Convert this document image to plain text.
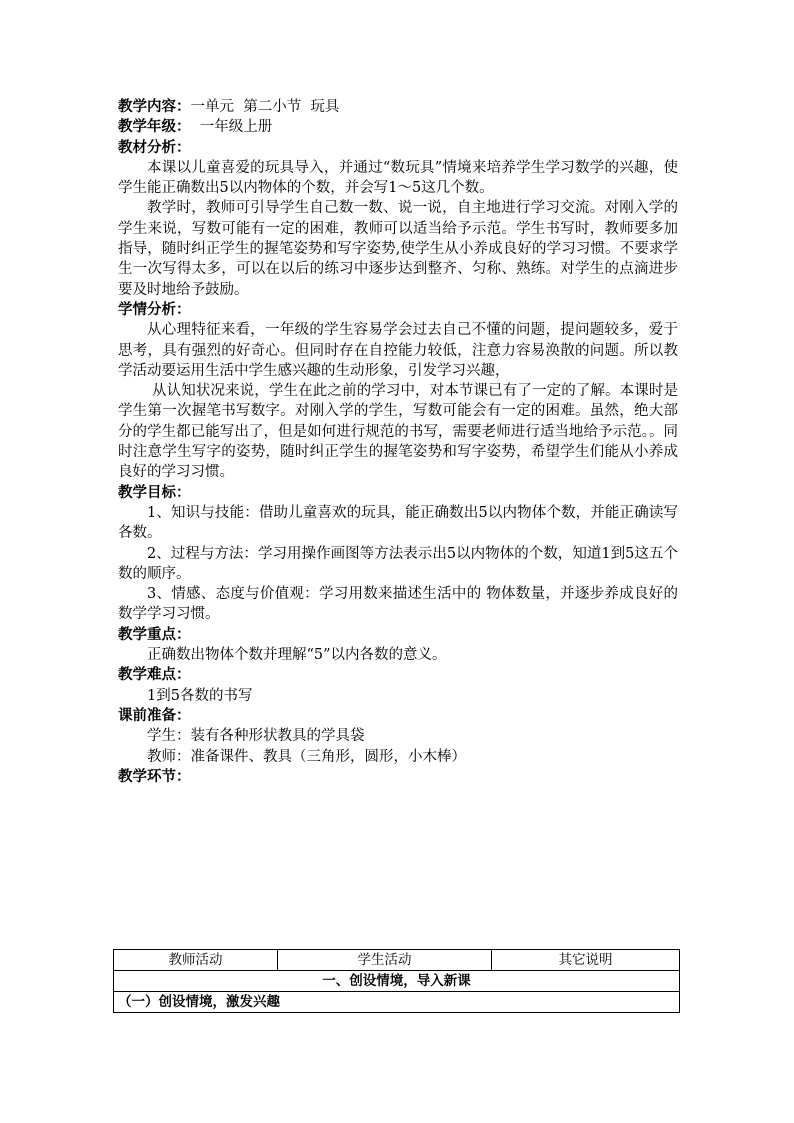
教学内容：一单元  第二小节  玩具
教学年级：  一年级上册
教材分析：
本课以儿童喜爱的玩具导入，并通过“数玩具”情境来培养学生学习数学的兴趣，使学生能正确数出5以内物体的个数，并会写1～5这几个数。
教学时，教师可引导学生自己数一数、说一说，自主地进行学习交流。对刚入学的学生来说，写数可能有一定的困难，教师可以适当给予示范。学生书写时，教师要多加指导，随时纠正学生的握笔姿势和写字姿势,使学生从小养成良好的学习习惯。不要求学生一次写得太多，可以在以后的练习中逐步达到整齐、匀称、熟练。对学生的点滴进步要及时地给予鼓励。
学情分析：
从心理特征来看，一年级的学生容易学会过去自己不懂的问题，提问题较多，爱于思考，具有强烈的好奇心。但同时存在自控能力较低，注意力容易涣散的问题。所以教学活动要运用生活中学生感兴趣的生动形象，引发学习兴趣，
从认知状况来说，学生在此之前的学习中，对本节课已有了一定的了解。本课时是学生第一次握笔书写数字。对刚入学的学生，写数可能会有一定的困难。虽然，绝大部分的学生都已能写出了，但是如何进行规范的书写，需要老师进行适当地给予示范。。同时注意学生写字的姿势，随时纠正学生的握笔姿势和写字姿势，希望学生们能从小养成良好的学习习惯。
教学目标：
1、知识与技能：借助儿童喜欢的玩具，能正确数出5以内物体个数，并能正确读写各数。
2、过程与方法：学习用操作画图等方法表示出5以内物体的个数，知道1到5这五个数的顺序。
3、情感、态度与价值观：学习用数来描述生活中的 物体数量，并逐步养成良好的数学学习习惯。
教学重点：
正确数出物体个数并理解“5”以内各数的意义。
教学难点：
1到5各数的书写
课前准备：
学生：装有各种形状教具的学具袋
教师：准备课件、教具（三角形，圆形，小木棒）
教学环节：
教师活动	学生活动	其它说明
一、创设情境，导入新课
（一）创设情境，激发兴趣
